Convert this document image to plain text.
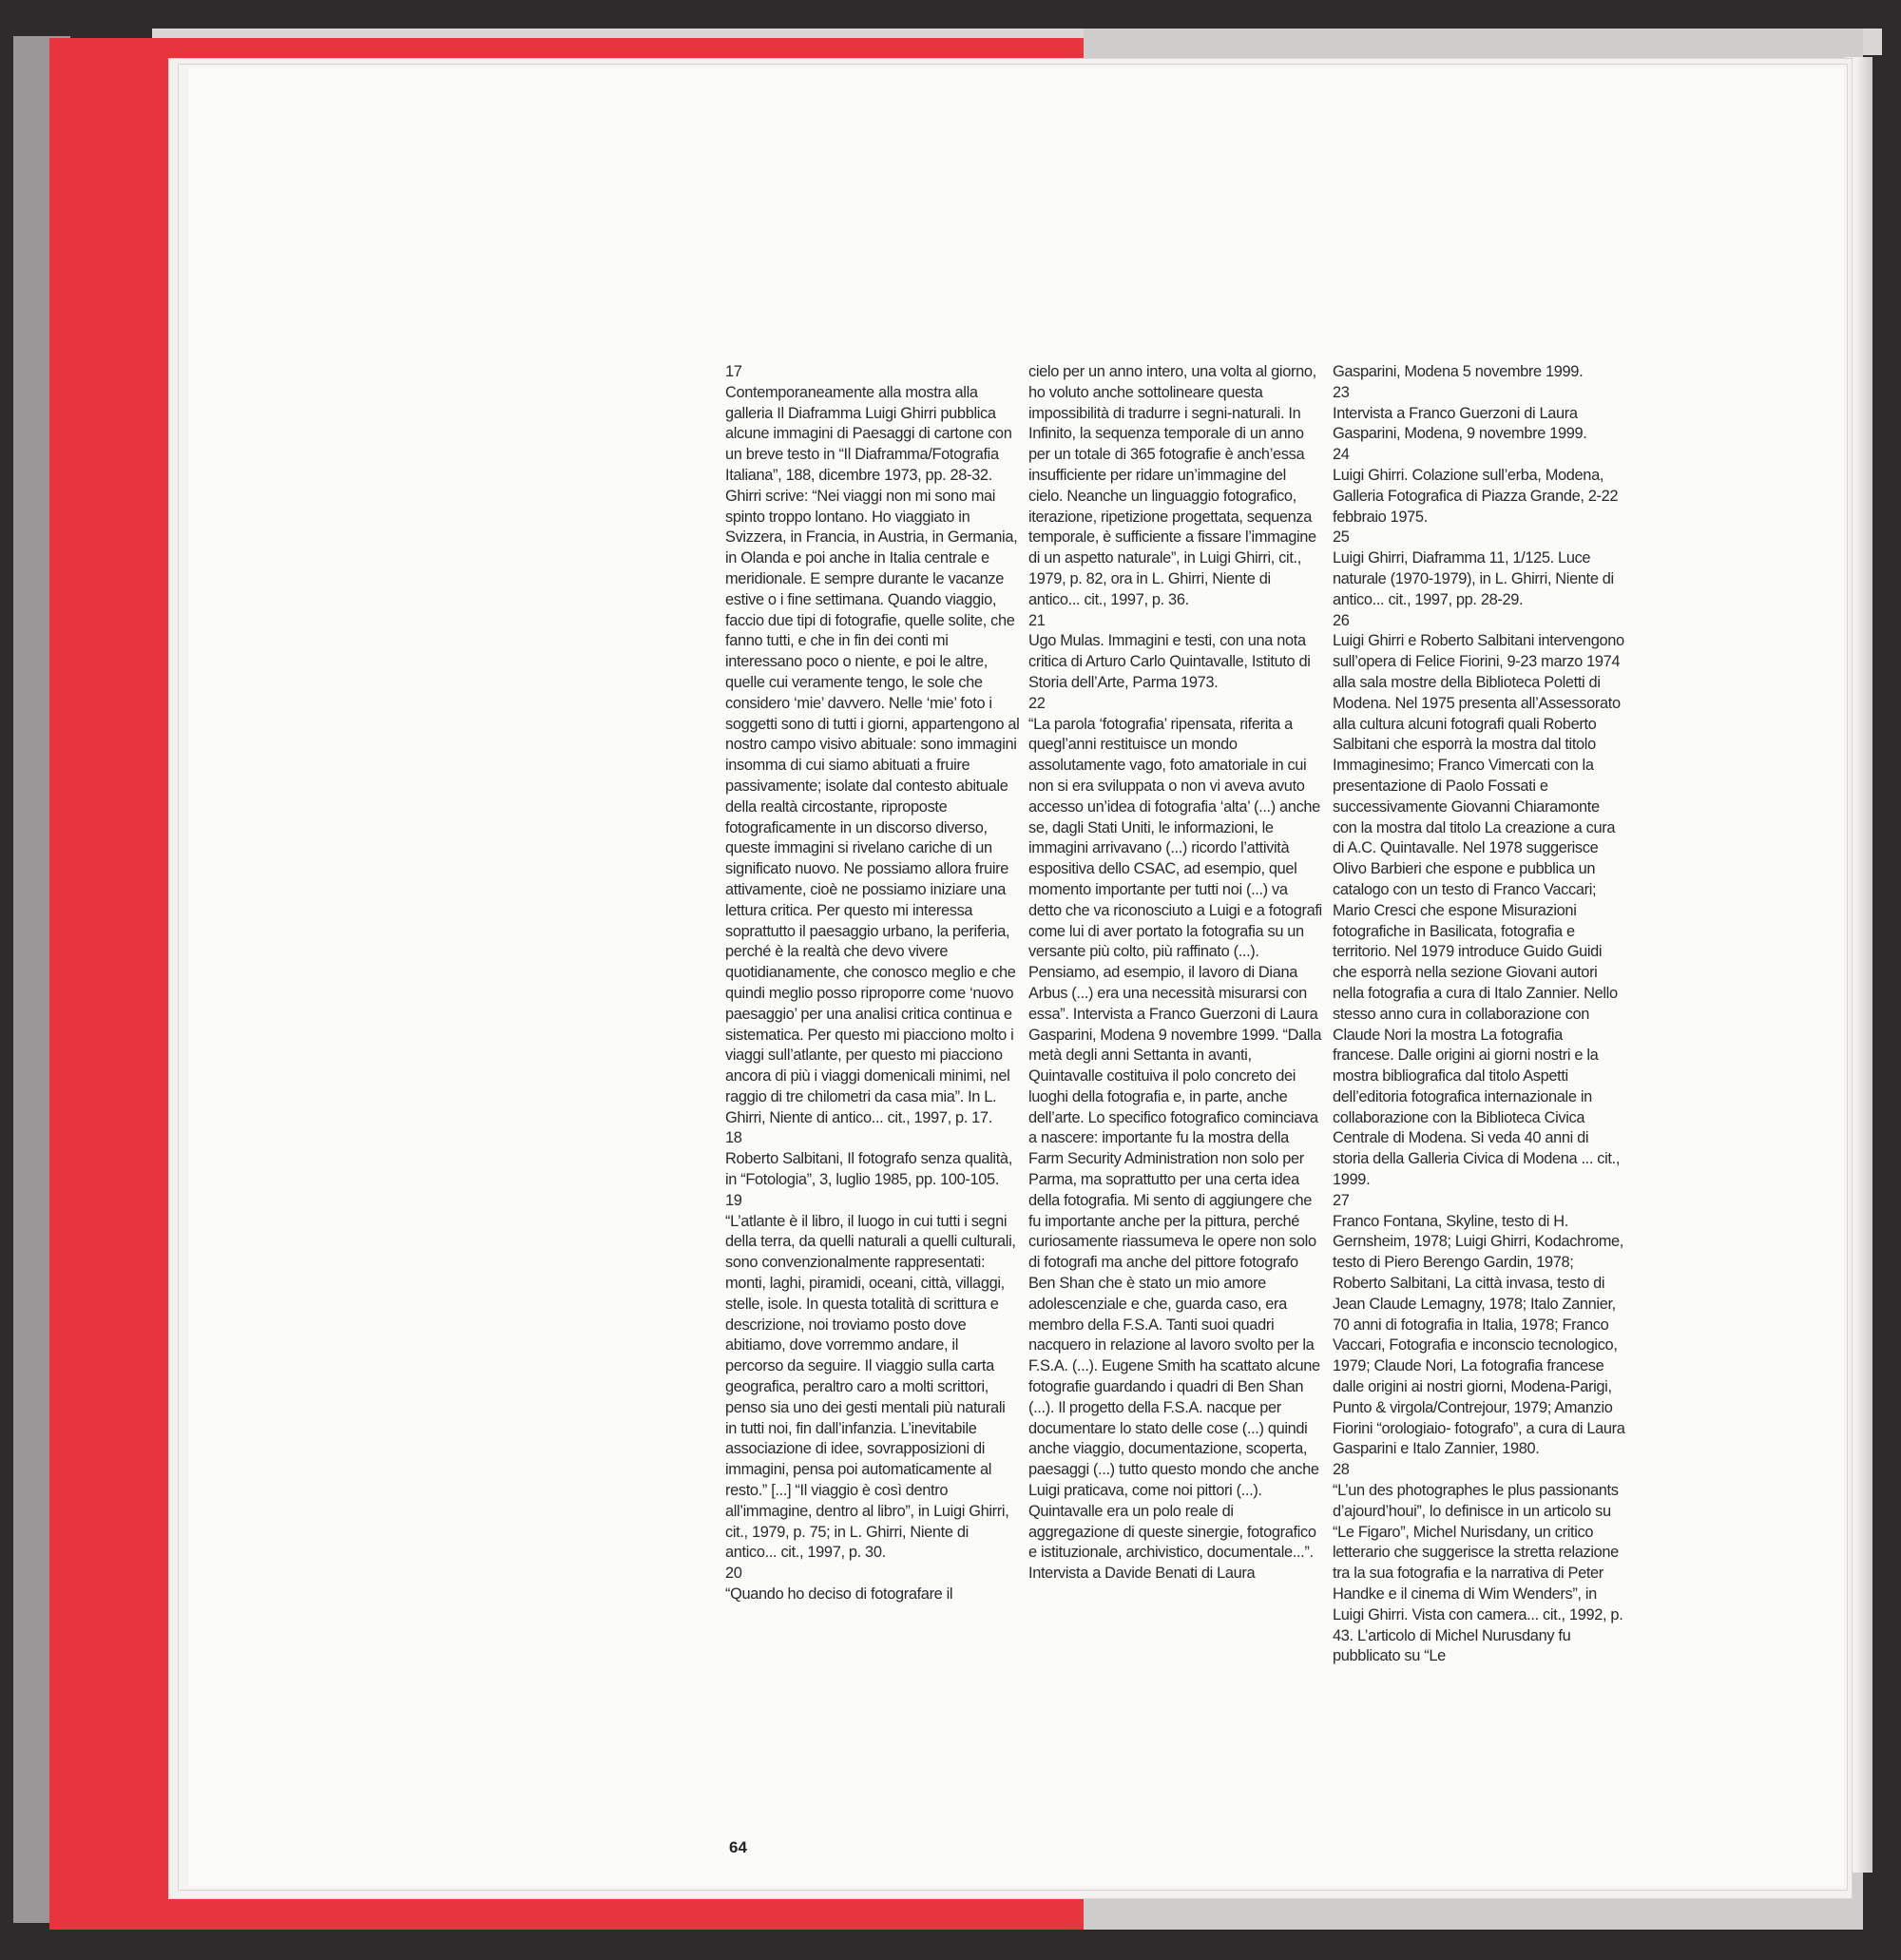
17
Contemporaneamente alla mostra alla galleria Il Diaframma Luigi Ghirri pubblica alcune immagini di Paesaggi di cartone con un breve testo in “Il Diaframma/Fotografia Italiana”, 188, dicembre 1973, pp. 28-32. Ghirri scrive: “Nei viaggi non mi sono mai spinto troppo lontano. Ho viaggiato in Svizzera, in Francia, in Austria, in Germania, in Olanda e poi anche in Italia centrale e meridionale. E sempre durante le vacanze estive o i fine settimana. Quando viaggio, faccio due tipi di fotografie, quelle solite, che fanno tutti, e che in fin dei conti mi interessano poco o niente, e poi le altre, quelle cui veramente tengo, le sole che considero ‘mie’ davvero. Nelle ‘mie’ foto i soggetti sono di tutti i giorni, appartengono al nostro campo visivo abituale: sono immagini insomma di cui siamo abituati a fruire passivamente; isolate dal contesto abituale della realtà circostante, riproposte fotograficamente in un discorso diverso, queste immagini si rivelano cariche di un significato nuovo. Ne possiamo allora fruire attivamente, cioè ne possiamo iniziare una lettura critica. Per questo mi interessa soprattutto il paesaggio urbano, la periferia, perché è la realtà che devo vivere quotidianamente, che conosco meglio e che quindi meglio posso riproporre come ‘nuovo paesaggio’ per una analisi critica continua e sistematica. Per questo mi piacciono molto i viaggi sull’atlante, per questo mi piacciono ancora di più i viaggi domenicali minimi, nel raggio di tre chilometri da casa mia”. In L. Ghirri, Niente di antico... cit., 1997, p. 17.

18
Roberto Salbitani, Il fotografo senza qualità, in “Fotologia”, 3, luglio 1985, pp. 100-105.

19
“L’atlante è il libro, il luogo in cui tutti i segni della terra, da quelli naturali a quelli culturali, sono convenzionalmente rappresentati: monti, laghi, piramidi, oceani, città, villaggi, stelle, isole. In questa totalità di scrittura e descrizione, noi troviamo posto dove abitiamo, dove vorremmo andare, il percorso da seguire. Il viaggio sulla carta geografica, peraltro caro a molti scrittori, penso sia uno dei gesti mentali più naturali in tutti noi, fin dall’infanzia. L’inevitabile associazione di idee, sovrapposizioni di immagini, pensa poi automaticamente al resto.” [...] “Il viaggio è così dentro all’immagine, dentro al libro”, in Luigi Ghirri, cit., 1979, p. 75; in L. Ghirri, Niente di antico... cit., 1997, p. 30.

20
“Quando ho deciso di fotografare il

cielo per un anno intero, una volta al giorno, ho voluto anche sottolineare questa impossibilità di tradurre i segni-naturali. In Infinito, la sequenza temporale di un anno per un totale di 365 fotografie è anch’essa insufficiente per ridare un’immagine del cielo. Neanche un linguaggio fotografico, iterazione, ripetizione progettata, sequenza temporale, è sufficiente a fissare l’immagine di un aspetto naturale”, in Luigi Ghirri, cit., 1979, p. 82, ora in L. Ghirri, Niente di antico... cit., 1997, p. 36.

21
Ugo Mulas. Immagini e testi, con una nota critica di Arturo Carlo Quintavalle, Istituto di Storia dell’Arte, Parma 1973.

22
“La parola ‘fotografia’ ripensata, riferita a quegl’anni restituisce un mondo assolutamente vago, foto amatoriale in cui non si era sviluppata o non vi aveva avuto accesso un’idea di fotografia ‘alta’ (...) anche se, dagli Stati Uniti, le informazioni, le immagini arrivavano (...) ricordo l’attività espositiva dello CSAC, ad esempio, quel momento importante per tutti noi (...) va detto che va riconosciuto a Luigi e a fotografi come lui di aver portato la fotografia su un versante più colto, più raffinato (...). Pensiamo, ad esempio, il lavoro di Diana Arbus (...) era una necessità misurarsi con essa”. Intervista a Franco Guerzoni di Laura Gasparini, Modena 9 novembre 1999. “Dalla metà degli anni Settanta in avanti, Quintavalle costituiva il polo concreto dei luoghi della fotografia e, in parte, anche dell’arte. Lo specifico fotografico cominciava a nascere: importante fu la mostra della Farm Security Administration non solo per Parma, ma soprattutto per una certa idea della fotografia. Mi sento di aggiungere che fu importante anche per la pittura, perché curiosamente riassumeva le opere non solo di fotografi ma anche del pittore fotografo Ben Shan che è stato un mio amore adolescenziale e che, guarda caso, era membro della F.S.A. Tanti suoi quadri nacquero in relazione al lavoro svolto per la F.S.A. (...). Eugene Smith ha scattato alcune fotografie guardando i quadri di Ben Shan (...). Il progetto della F.S.A. nacque per documentare lo stato delle cose (...) quindi anche viaggio, documentazione, scoperta, paesaggi (...) tutto questo mondo che anche Luigi praticava, come noi pittori (...). Quintavalle era un polo reale di aggregazione di queste sinergie, fotografico e istituzionale, archivistico, documentale...”. Intervista a Davide Benati di Laura

Gasparini, Modena 5 novembre 1999.

23
Intervista a Franco Guerzoni di Laura Gasparini, Modena, 9 novembre 1999.

24
Luigi Ghirri. Colazione sull’erba, Modena, Galleria Fotografica di Piazza Grande, 2-22 febbraio 1975.

25
Luigi Ghirri, Diaframma 11, 1/125. Luce naturale (1970-1979), in L. Ghirri, Niente di antico... cit., 1997, pp. 28-29.

26
Luigi Ghirri e Roberto Salbitani intervengono sull’opera di Felice Fiorini, 9-23 marzo 1974 alla sala mostre della Biblioteca Poletti di Modena. Nel 1975 presenta all’Assessorato alla cultura alcuni fotografi quali Roberto Salbitani che esporrà la mostra dal titolo Immaginesimo; Franco Vimercati con la presentazione di Paolo Fossati e successivamente Giovanni Chiaramonte con la mostra dal titolo La creazione a cura di A.C. Quintavalle. Nel 1978 suggerisce Olivo Barbieri che espone e pubblica un catalogo con un testo di Franco Vaccari; Mario Cresci che espone Misurazioni fotografiche in Basilicata, fotografia e territorio. Nel 1979 introduce Guido Guidi che esporrà nella sezione Giovani autori nella fotografia a cura di Italo Zannier. Nello stesso anno cura in collaborazione con Claude Nori la mostra La fotografia francese. Dalle origini ai giorni nostri e la mostra bibliografica dal titolo Aspetti dell’editoria fotografica internazionale in collaborazione con la Biblioteca Civica Centrale di Modena. Si veda 40 anni di storia della Galleria Civica di Modena ... cit., 1999.

27
Franco Fontana, Skyline, testo di H. Gernsheim, 1978; Luigi Ghirri, Kodachrome, testo di Piero Berengo Gardin, 1978; Roberto Salbitani, La città invasa, testo di Jean Claude Lemagny, 1978; Italo Zannier, 70 anni di fotografia in Italia, 1978; Franco Vaccari, Fotografia e inconscio tecnologico, 1979; Claude Nori, La fotografia francese dalle origini ai nostri giorni, Modena-Parigi, Punto & virgola/Contrejour, 1979; Amanzio Fiorini “orologiaio- fotografo”, a cura di Laura Gasparini e Italo Zannier, 1980.

28
“L’un des photographes le plus passionants d’ajourd’houi”, lo definisce in un articolo su “Le Figaro”, Michel Nurisdany, un critico letterario che suggerisce la stretta relazione tra la sua fotografia e la narrativa di Peter Handke e il cinema di Wim Wenders”, in Luigi Ghirri. Vista con camera... cit., 1992, p. 43. L’articolo di Michel Nurusdany fu pubblicato su “Le

64
